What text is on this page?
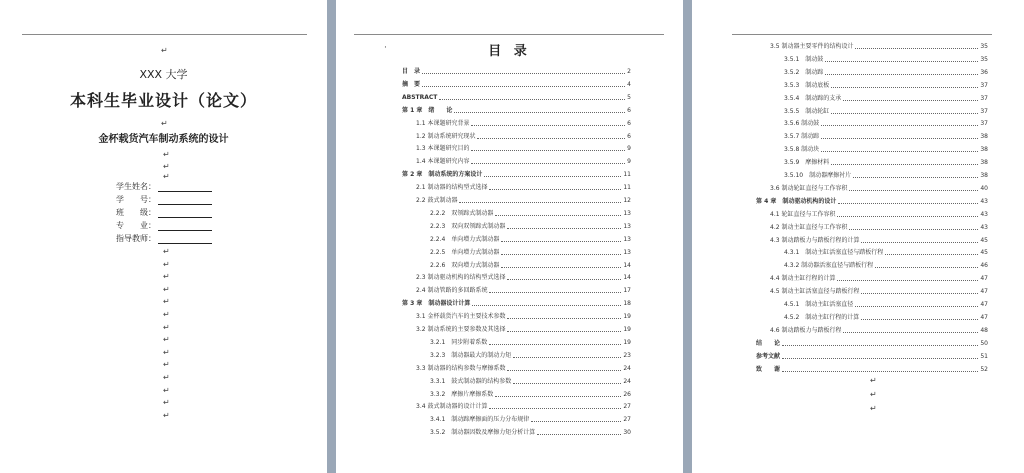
↵
XXX 大学
本科生毕业设计（论文）
↵
金杯载货汽车制动系统的设计
↵
↵
↵
学生姓名：
学　　号：
班　　级：
专　　业：
指导教师：
↵
↵
↵
↵
↵
↵
↵
↵
↵
↵
↵
↵
↵
↵
·	目 录
目　录	2
摘　要	4
ABSTRACT	5
第 1 章　绪　　论	6
1.1 本课题研究背景	6
1.2 制动系统研究现状	6
1.3 本课题研究目的	9
1.4 本课题研究内容	9
第 2 章　制动系统的方案设计	11
2.1 制动器的结构型式选择	11
2.2 鼓式制动器	12
2.2.2　双领蹄式制动器	13
2.2.3　双向双领蹄式制动器	13
2.2.4　单向增力式制动器	13
2.2.5　单向增力式制动器	13
2.2.6　双向增力式制动器	14
2.3 制动驱动机构的结构型式选择	14
2.4 制动管路的多回路系统	17
第 3 章　制动器设计计算	18
3.1 金杯载货汽车的主要技术参数	19
3.2 制动系统的主要参数及其选择	19
3.2.1　同步附着系数	19
3.2.3　制动器最大的制动力矩	23
3.3 制动器的结构参数与摩擦系数	24
3.3.1　鼓式制动器的结构参数	24
3.3.2　摩擦片摩擦系数	26
3.4 鼓式制动器的设计计算	27
3.4.1　制动蹄摩擦面的压力分布规律	27
3.5.2　制动器因数及摩擦力矩分析计算	30
3.5 制动器主要零件的结构设计	35
3.5.1　制动鼓	35
3.5.2　制动蹄	36
3.5.3　制动底板	37
3.5.4　制动蹄的支承	37
3.5.5　制动轮缸	37
3.5.6 制动鼓	37
3.5.7 制动蹄	38
3.5.8 制动块	38
3.5.9　摩擦材料	38
3.5.10　制动器摩擦衬片	38
3.6 制动轮缸直径与工作容积	40
第 4 章　制动驱动机构的设计	43
4.1 轮缸直径与工作容积	43
4.2 制动主缸直径与工作容积	43
4.3 制动踏板力与踏板行程的计算	45
4.3.1　制动主缸活塞直径与踏板行程	45
4.3.2 制动器活塞直径与踏板行程	46
4.4 制动主缸行程的计算	47
4.5 制动主缸活塞直径与踏板行程	47
4.5.1　制动主缸活塞直径	47
4.5.2　制动主缸行程的计算	47
4.6 制动踏板力与踏板行程	48
结　　论	50
参考文献	51
致　　谢	52
↵
↵
↵
